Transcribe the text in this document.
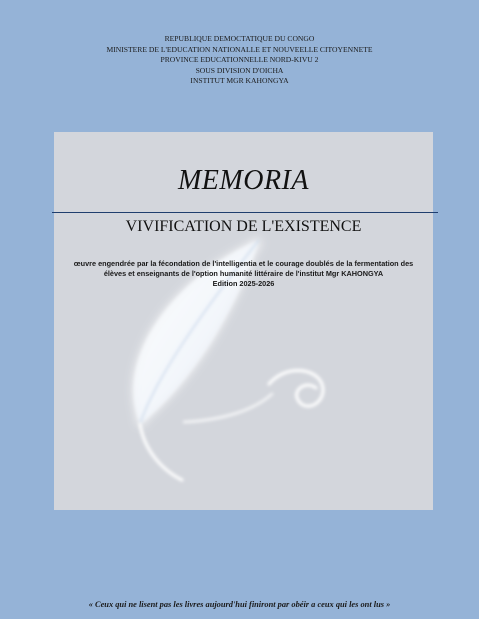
REPUBLIQUE DEMOCTATIQUE DU CONGO
MINISTERE DE L'EDUCATION NATIONALLE ET NOUVEELLE CITOYENNETE
PROVINCE EDUCATIONNELLE NORD-KIVU 2
SOUS DIVISION D'OICHA
INSTITUT MGR KAHONGYA
MEMORIA
VIVIFICATION DE L'EXISTENCE
œuvre engendrée par la fécondation de l'intelligentia et le courage doublés de la fermentation des
élèves et enseignants de l'option humanité littéraire de l'institut Mgr KAHONGYA
Edition 2025-2026
« Ceux qui ne lisent pas les livres aujourd'hui finiront par obéir a ceux qui les ont lus »
